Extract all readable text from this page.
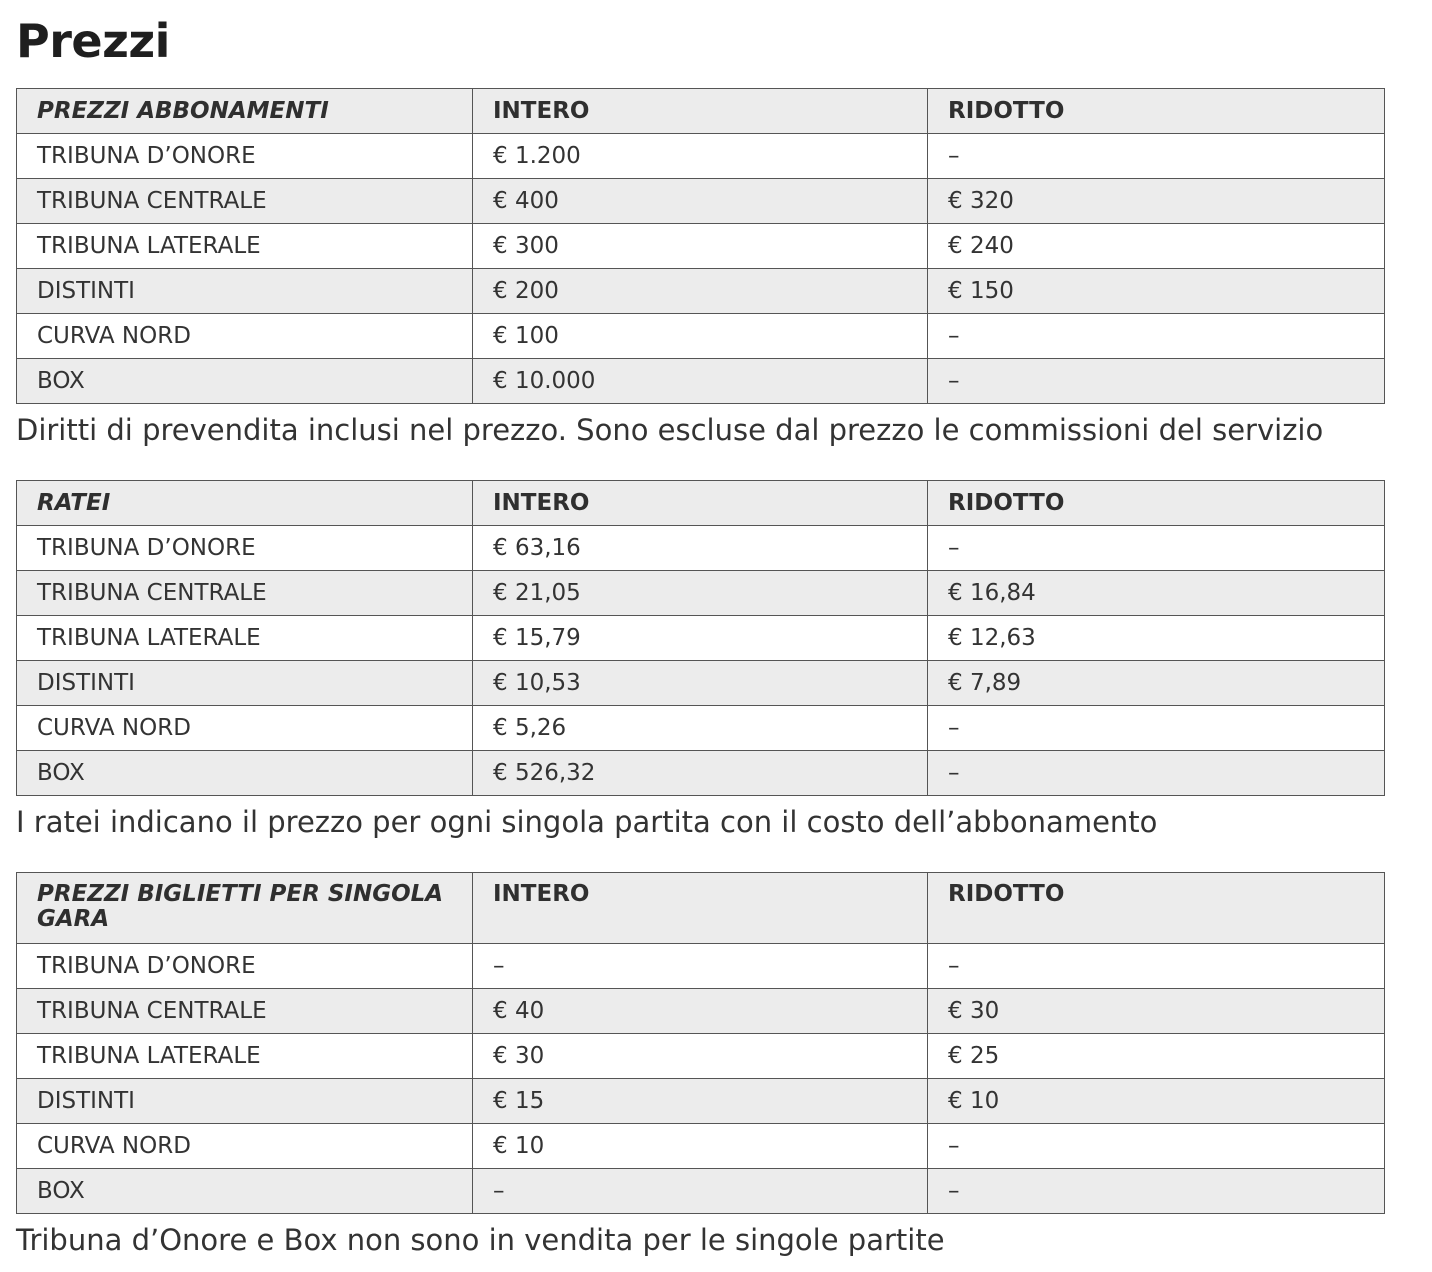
Prezzi
PREZZI ABBONAMENTI	INTERO	RIDOTTO
TRIBUNA D’ONORE	€ 1.200	–
TRIBUNA CENTRALE	€ 400	€ 320
TRIBUNA LATERALE	€ 300	€ 240
DISTINTI	€ 200	€ 150
CURVA NORD	€ 100	–
BOX	€ 10.000	–

Diritti di prevendita inclusi nel prezzo. Sono escluse dal prezzo le commissioni del servizio

RATEI	INTERO	RIDOTTO
TRIBUNA D’ONORE	€ 63,16	–
TRIBUNA CENTRALE	€ 21,05	€ 16,84
TRIBUNA LATERALE	€ 15,79	€ 12,63
DISTINTI	€ 10,53	€ 7,89
CURVA NORD	€ 5,26	–
BOX	€ 526,32	–

I ratei indicano il prezzo per ogni singola partita con il costo dell’abbonamento

PREZZI BIGLIETTI PER SINGOLA GARA	INTERO	RIDOTTO
TRIBUNA D’ONORE	–	–
TRIBUNA CENTRALE	€ 40	€ 30
TRIBUNA LATERALE	€ 30	€ 25
DISTINTI	€ 15	€ 10
CURVA NORD	€ 10	–
BOX	–	–

Tribuna d’Onore e Box non sono in vendita per le singole partite
